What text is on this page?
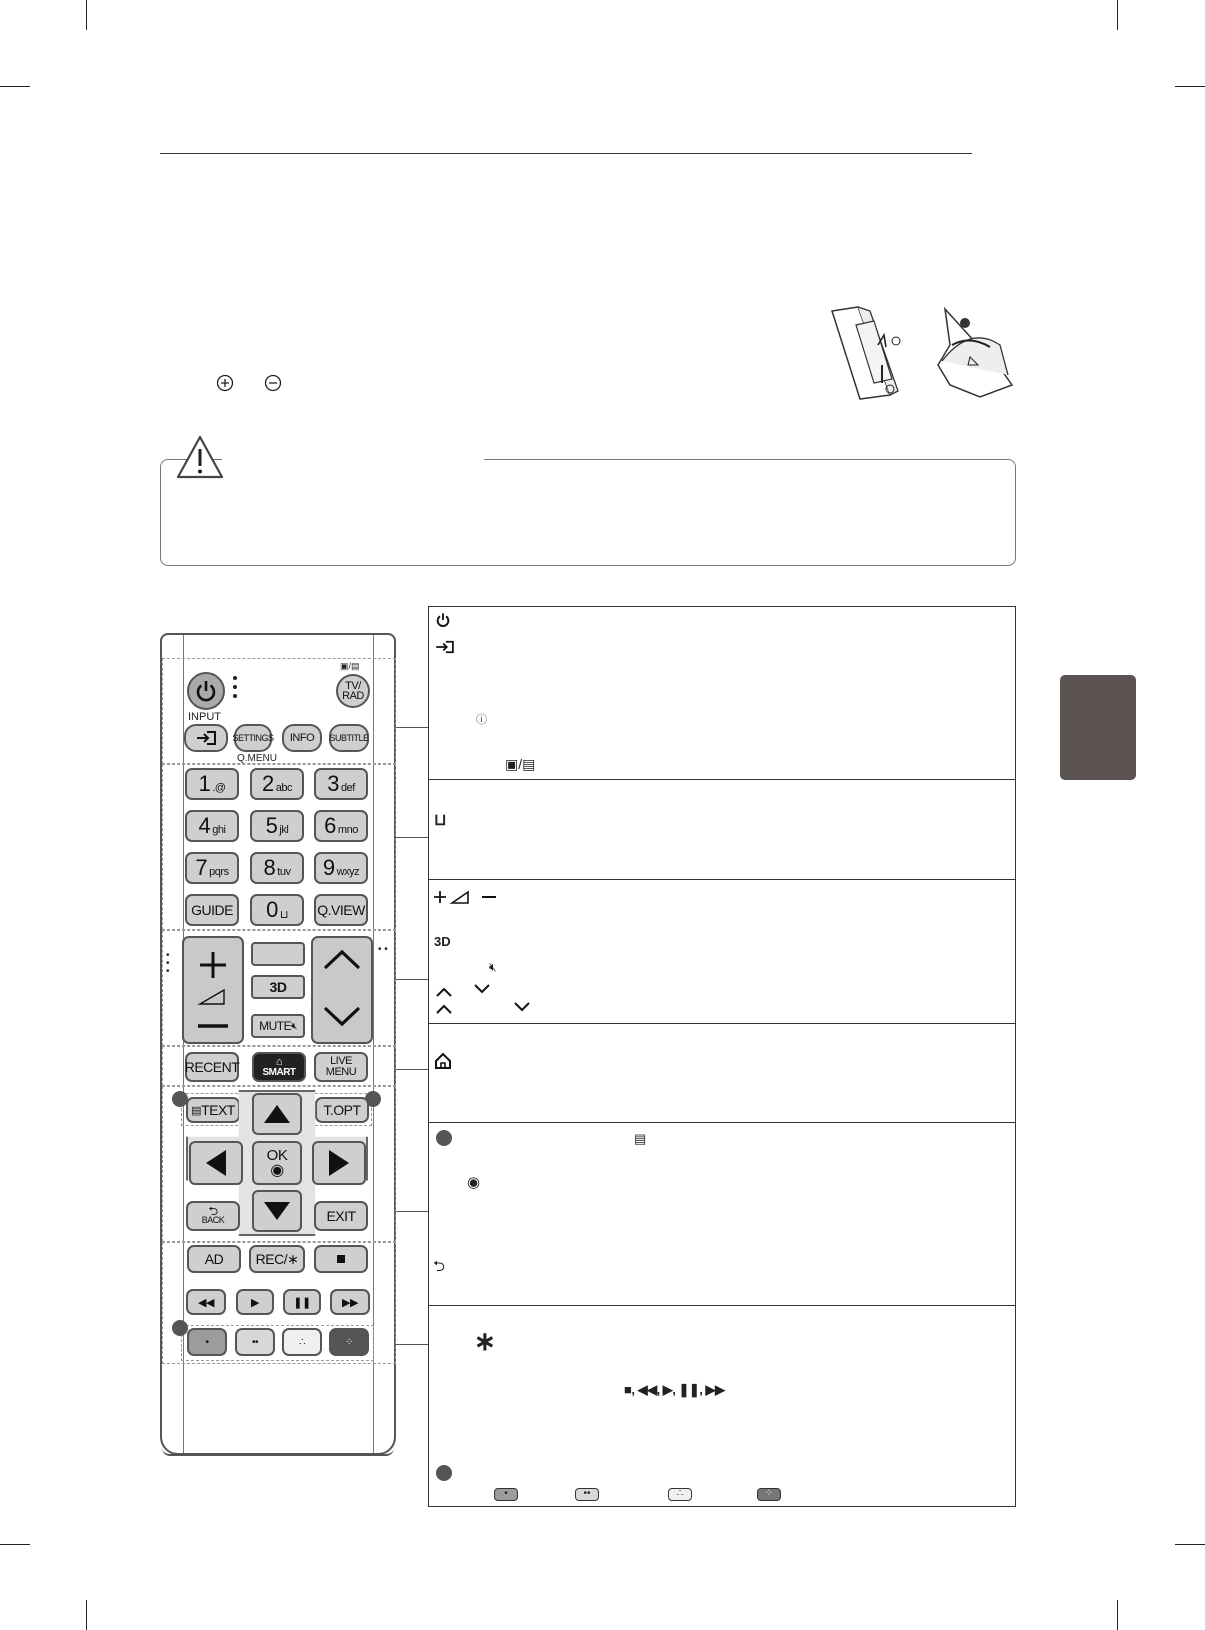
▣/▤
TV/
RAD
INPUT
SETTINGS	INFO	SUBTITLE
Q.MENU
1 .@ 2 abc 3 def
4 ghi 5 jkl 6 mno
7 pqrs 8 tuv 9 wxyz
GUIDE 0 ⊔ Q.VIEW
•
•
•
3D
MUTE 🔇︎
• •
RECENT	⌂
SMART
LIVE MENU
▤ TEXT	T.OPT
OK
◉
⮌
BACK	EXIT
AD	REC/∗
◀◀	▶	❚❚	▶▶
•	••	∴	⁘
ⓘ
▣/▤
⊔
3D
🔇︎
▤
◉
⮌
∗
■, ◀◀, ▶, ❚❚, ▶▶
•	••	∴	⁘
